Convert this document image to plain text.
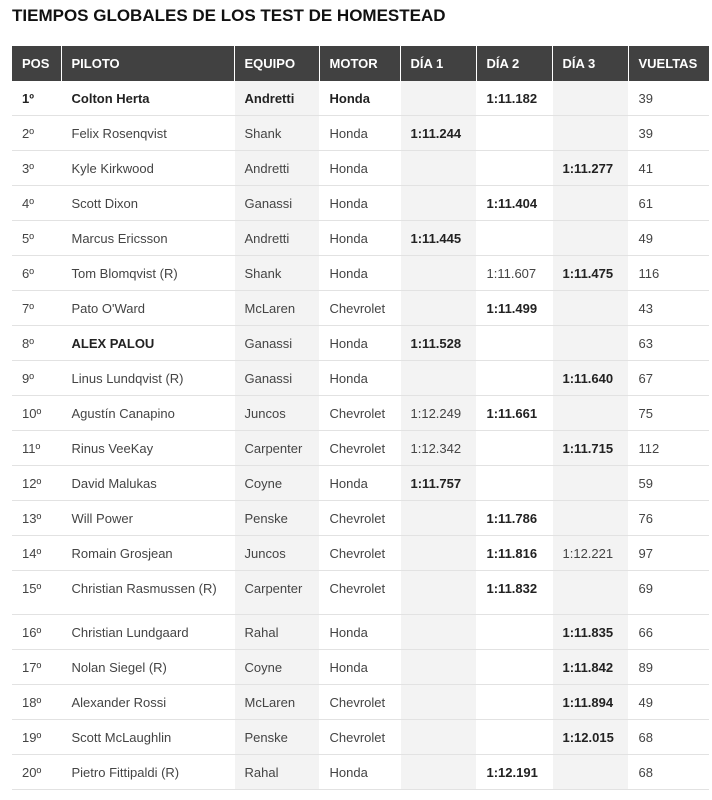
TIEMPOS GLOBALES DE LOS TEST DE HOMESTEAD
POS	PILOTO	EQUIPO	MOTOR	DÍA 1	DÍA 2	DÍA 3	VUELTAS
1º	Colton Herta	Andretti	Honda		1:11.182		39
2º	Felix Rosenqvist	Shank	Honda	1:11.244			39
3º	Kyle Kirkwood	Andretti	Honda			1:11.277	41
4º	Scott Dixon	Ganassi	Honda		1:11.404		61
5º	Marcus Ericsson	Andretti	Honda	1:11.445			49
6º	Tom Blomqvist (R)	Shank	Honda		1:11.607	1:11.475	116
7º	Pato O'Ward	McLaren	Chevrolet		1:11.499		43
8º	ALEX PALOU	Ganassi	Honda	1:11.528			63
9º	Linus Lundqvist (R)	Ganassi	Honda			1:11.640	67
10º	Agustín Canapino	Juncos	Chevrolet	1:12.249	1:11.661		75
11º	Rinus VeeKay	Carpenter	Chevrolet	1:12.342		1:11.715	112
12º	David Malukas	Coyne	Honda	1:11.757			59
13º	Will Power	Penske	Chevrolet		1:11.786		76
14º	Romain Grosjean	Juncos	Chevrolet		1:11.816	1:12.221	97
15º	Christian Rasmussen (R)	Carpenter	Chevrolet		1:11.832		69
16º	Christian Lundgaard	Rahal	Honda			1:11.835	66
17º	Nolan Siegel (R)	Coyne	Honda			1:11.842	89
18º	Alexander Rossi	McLaren	Chevrolet			1:11.894	49
19º	Scott McLaughlin	Penske	Chevrolet			1:12.015	68
20º	Pietro Fittipaldi (R)	Rahal	Honda		1:12.191		68
